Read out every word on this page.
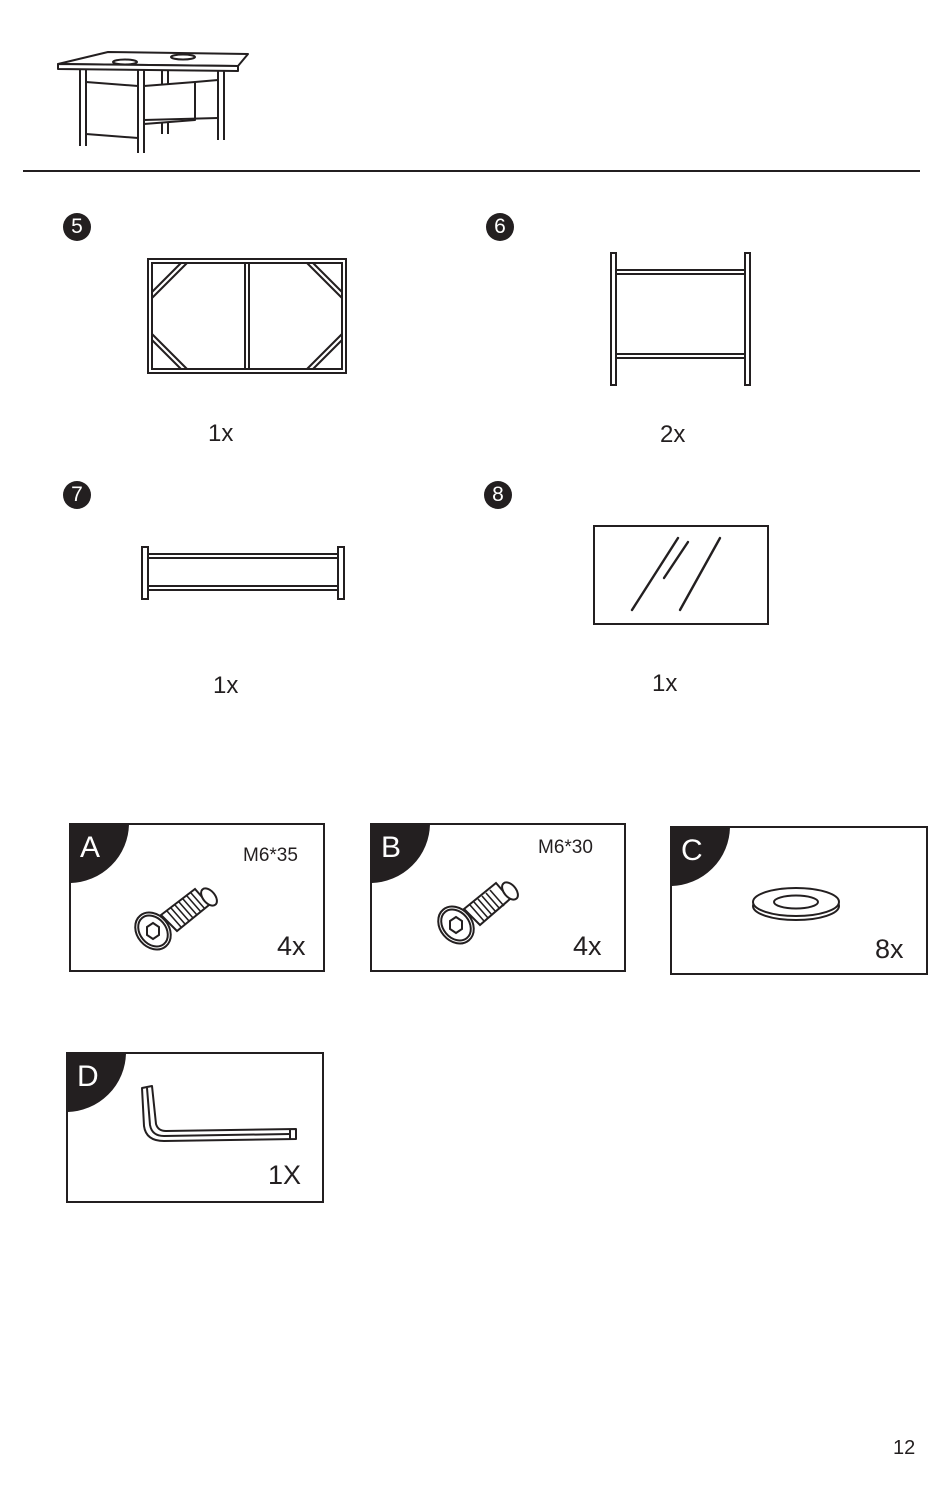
5
1x
6
2x
7
1x
8
1x
A	M6*35
4x
B	M6*30
4x
C
8x
D
1X
12
